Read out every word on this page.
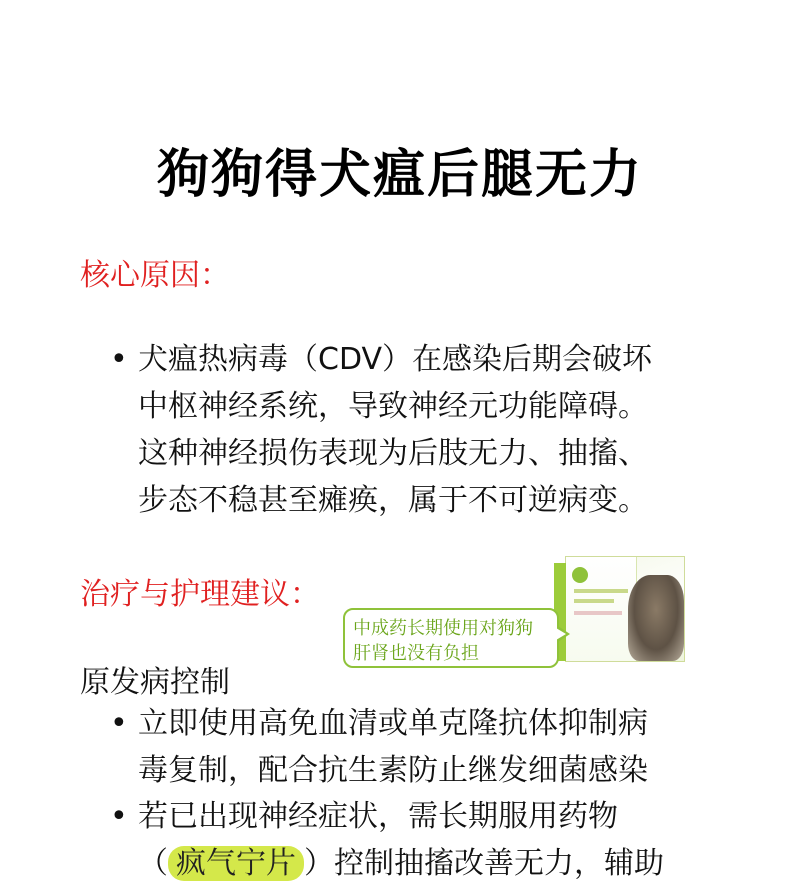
狗狗得犬瘟后腿无力
核心原因：
• 犬瘟热病毒（CDV）在感染后期会破坏
中枢神经系统，导致神经元功能障碍。
这种神经损伤表现为后肢无力、抽搐、
步态不稳甚至瘫痪，属于不可逆病变。
治疗与护理建议：
中成药长期使用对狗狗
肝肾也没有负担
原发病控制
• 立即使用高免血清或单克隆抗体抑制病
毒复制，配合抗生素防止继发细菌感染
• 若已出现神经症状，需长期服用药物
（ 疯气宁片 ）控制抽搐改善无力，辅助
